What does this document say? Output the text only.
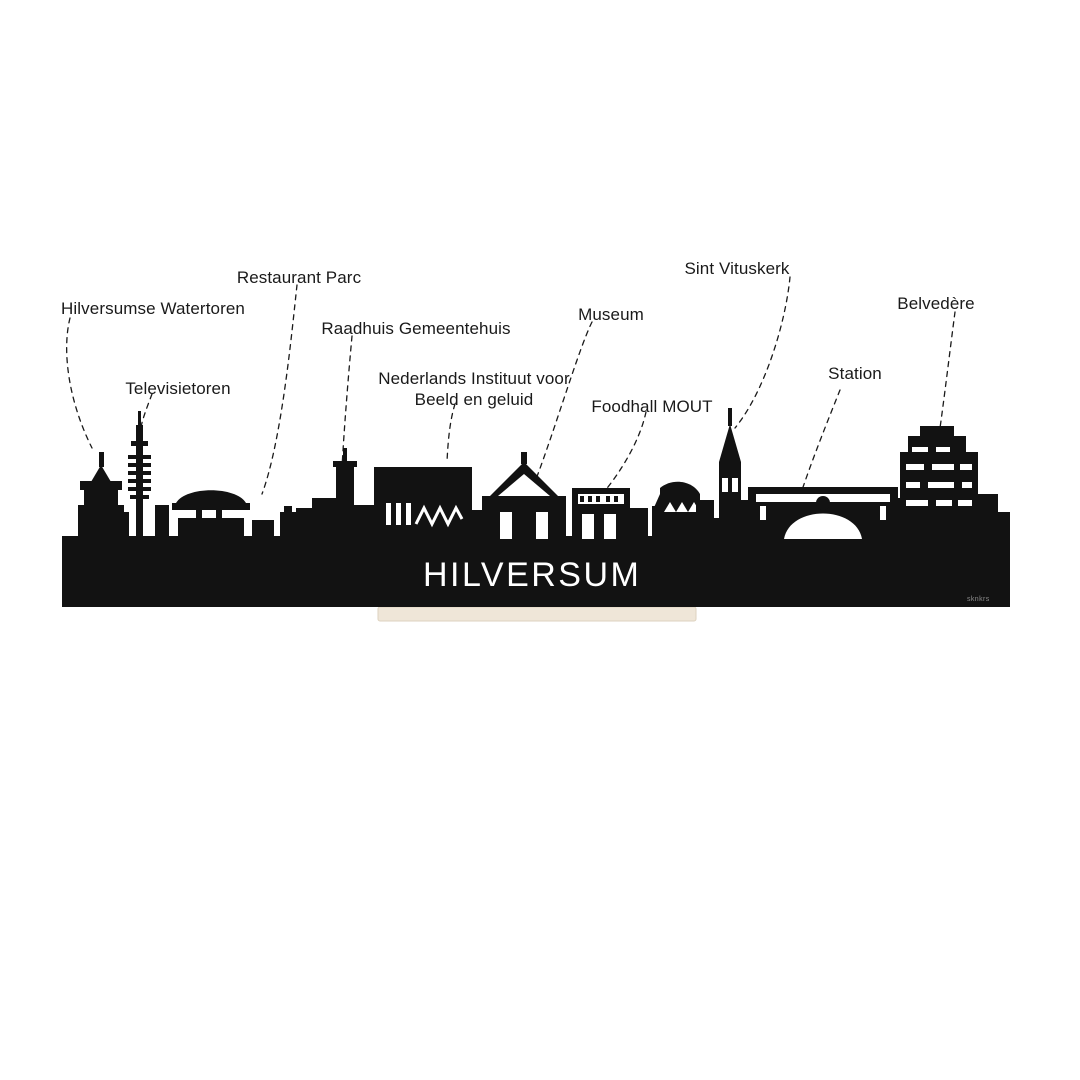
HILVERSUM
sknkrs
Hilversumse Watertoren
Televisietoren
Restaurant Parc
Raadhuis Gemeentehuis
Nederlands Instituut voor
Beeld en geluid
Museum
Foodhall MOUT
Sint Vituskerk
Station
Belvedère
